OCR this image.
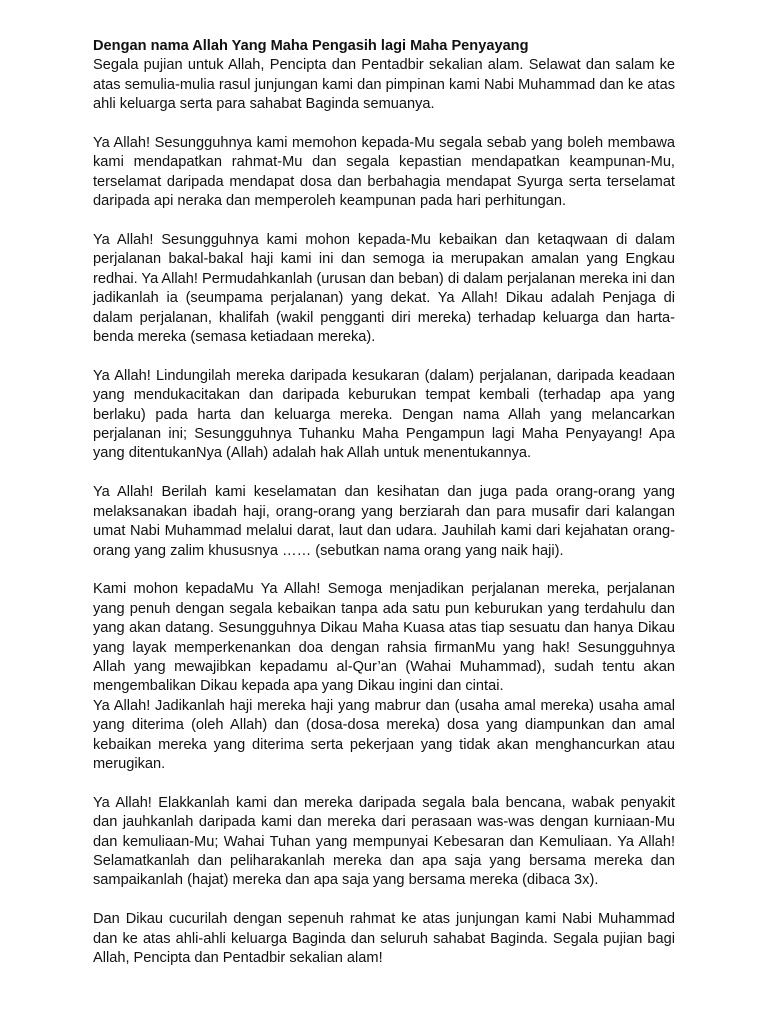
Dengan nama Allah Yang Maha Pengasih lagi Maha Penyayang

Segala pujian untuk Allah, Pencipta dan Pentadbir sekalian alam. Selawat dan salam ke atas semulia-mulia rasul junjungan kami dan pimpinan kami Nabi Muhammad dan ke atas ahli keluarga serta para sahabat Baginda semuanya.

Ya Allah! Sesungguhnya kami memohon kepada-Mu segala sebab yang boleh membawa kami mendapatkan rahmat-Mu dan segala kepastian mendapatkan keampunan-Mu, terselamat daripada mendapat dosa dan berbahagia mendapat Syurga serta terselamat daripada api neraka dan memperoleh keampunan pada hari perhitungan.

Ya Allah! Sesungguhnya kami mohon kepada-Mu kebaikan dan ketaqwaan di dalam perjalanan bakal-bakal haji kami ini dan semoga ia merupakan amalan yang Engkau redhai. Ya Allah! Permudahkanlah (urusan dan beban) di dalam perjalanan mereka ini dan jadikanlah ia (seumpama perjalanan) yang dekat. Ya Allah! Dikau adalah Penjaga di dalam perjalanan, khalifah (wakil pengganti diri mereka) terhadap keluarga dan harta-benda mereka (semasa ketiadaan mereka).

Ya Allah! Lindungilah mereka daripada kesukaran (dalam) perjalanan, daripada keadaan yang mendukacitakan dan daripada keburukan tempat kembali (terhadap apa yang berlaku) pada harta dan keluarga mereka. Dengan nama Allah yang melancarkan perjalanan ini; Sesungguhnya Tuhanku Maha Pengampun lagi Maha Penyayang! Apa yang ditentukanNya (Allah) adalah hak Allah untuk menentukannya.

Ya Allah! Berilah kami keselamatan dan kesihatan dan juga pada orang-orang yang melaksanakan ibadah haji, orang-orang yang berziarah dan para musafir dari kalangan umat Nabi Muhammad melalui darat, laut dan udara. Jauhilah kami dari kejahatan orang-orang yang zalim khususnya …… (sebutkan nama orang yang naik haji).

Kami mohon kepadaMu Ya Allah! Semoga menjadikan perjalanan mereka, perjalanan yang penuh dengan segala kebaikan tanpa ada satu pun keburukan yang terdahulu dan yang akan datang. Sesungguhnya Dikau Maha Kuasa atas tiap sesuatu dan hanya Dikau yang layak memperkenankan doa dengan rahsia firmanMu yang hak! Sesungguhnya Allah yang mewajibkan kepadamu al-Qur’an (Wahai Muhammad), sudah tentu akan mengembalikan Dikau kepada apa yang Dikau ingini dan cintai.

Ya Allah! Jadikanlah haji mereka haji yang mabrur dan (usaha amal mereka) usaha amal yang diterima (oleh Allah) dan (dosa-dosa mereka) dosa yang diampunkan dan amal kebaikan mereka yang diterima serta pekerjaan yang tidak akan menghancurkan atau merugikan.

Ya Allah! Elakkanlah kami dan mereka daripada segala bala bencana, wabak penyakit dan jauhkanlah daripada kami dan mereka dari perasaan was-was dengan kurniaan-Mu dan kemuliaan-Mu; Wahai Tuhan yang mempunyai Kebesaran dan Kemuliaan. Ya Allah! Selamatkanlah dan peliharakanlah mereka dan apa saja yang bersama mereka dan sampaikanlah (hajat) mereka dan apa saja yang bersama mereka (dibaca 3x).

Dan Dikau cucurilah dengan sepenuh rahmat ke atas junjungan kami Nabi Muhammad dan ke atas ahli-ahli keluarga Baginda dan seluruh sahabat Baginda. Segala pujian bagi Allah, Pencipta dan Pentadbir sekalian alam!
